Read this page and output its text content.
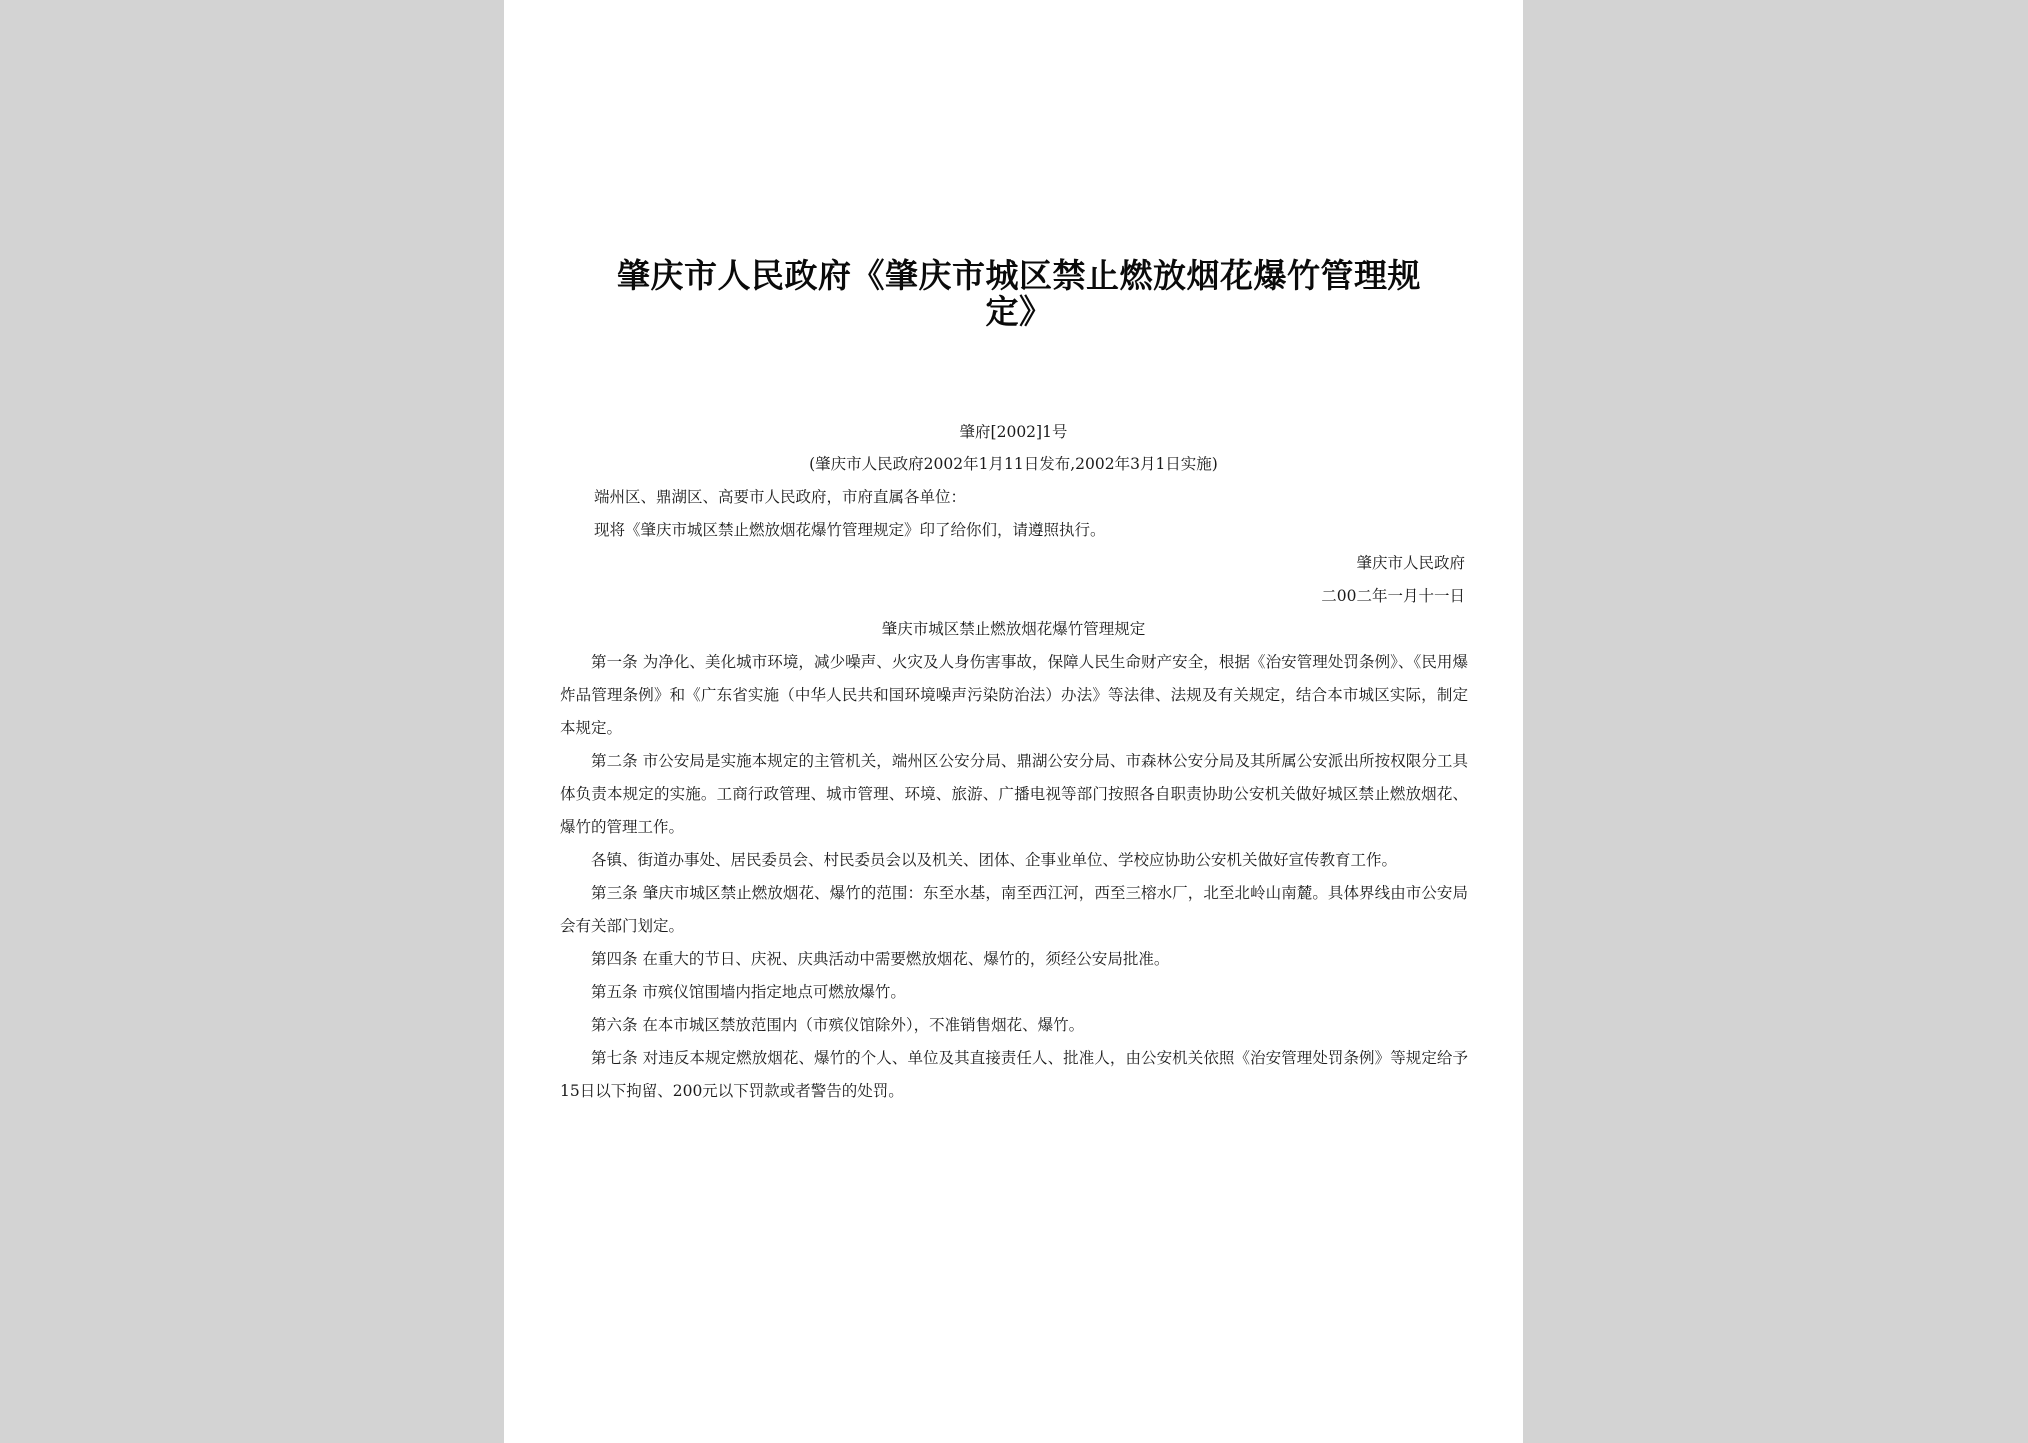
肇庆市人民政府《肇庆市城区禁止燃放烟花爆竹管理规定》
肇府[2002]1号
(肇庆市人民政府2002年1月11日发布,2002年3月1日实施)
端州区、鼎湖区、高要市人民政府，市府直属各单位：
现将《肇庆市城区禁止燃放烟花爆竹管理规定》印了给你们，请遵照执行。
肇庆市人民政府
二00二年一月十一日
肇庆市城区禁止燃放烟花爆竹管理规定

第一条 为净化、美化城市环境，减少噪声、火灾及人身伤害事故，保障人民生命财产安全，根据《治安管理处罚条例》、《民用爆炸品管理条例》和《广东省实施（中华人民共和国环境噪声污染防治法）办法》等法律、法规及有关规定，结合本市城区实际，制定本规定。

第二条 市公安局是实施本规定的主管机关，端州区公安分局、鼎湖公安分局、市森林公安分局及其所属公安派出所按权限分工具体负责本规定的实施。工商行政管理、城市管理、环境、旅游、广播电视等部门按照各自职责协助公安机关做好城区禁止燃放烟花、爆竹的管理工作。

各镇、街道办事处、居民委员会、村民委员会以及机关、团体、企事业单位、学校应协助公安机关做好宣传教育工作。

第三条 肇庆市城区禁止燃放烟花、爆竹的范围：东至水基，南至西江河，西至三榕水厂，北至北岭山南麓。具体界线由市公安局会有关部门划定。

第四条 在重大的节日、庆祝、庆典活动中需要燃放烟花、爆竹的，须经公安局批准。

第五条 市殡仪馆围墙内指定地点可燃放爆竹。

第六条 在本市城区禁放范围内（市殡仪馆除外），不准销售烟花、爆竹。

第七条 对违反本规定燃放烟花、爆竹的个人、单位及其直接责任人、批准人，由公安机关依照《治安管理处罚条例》等规定给予15日以下拘留、200元以下罚款或者警告的处罚。
